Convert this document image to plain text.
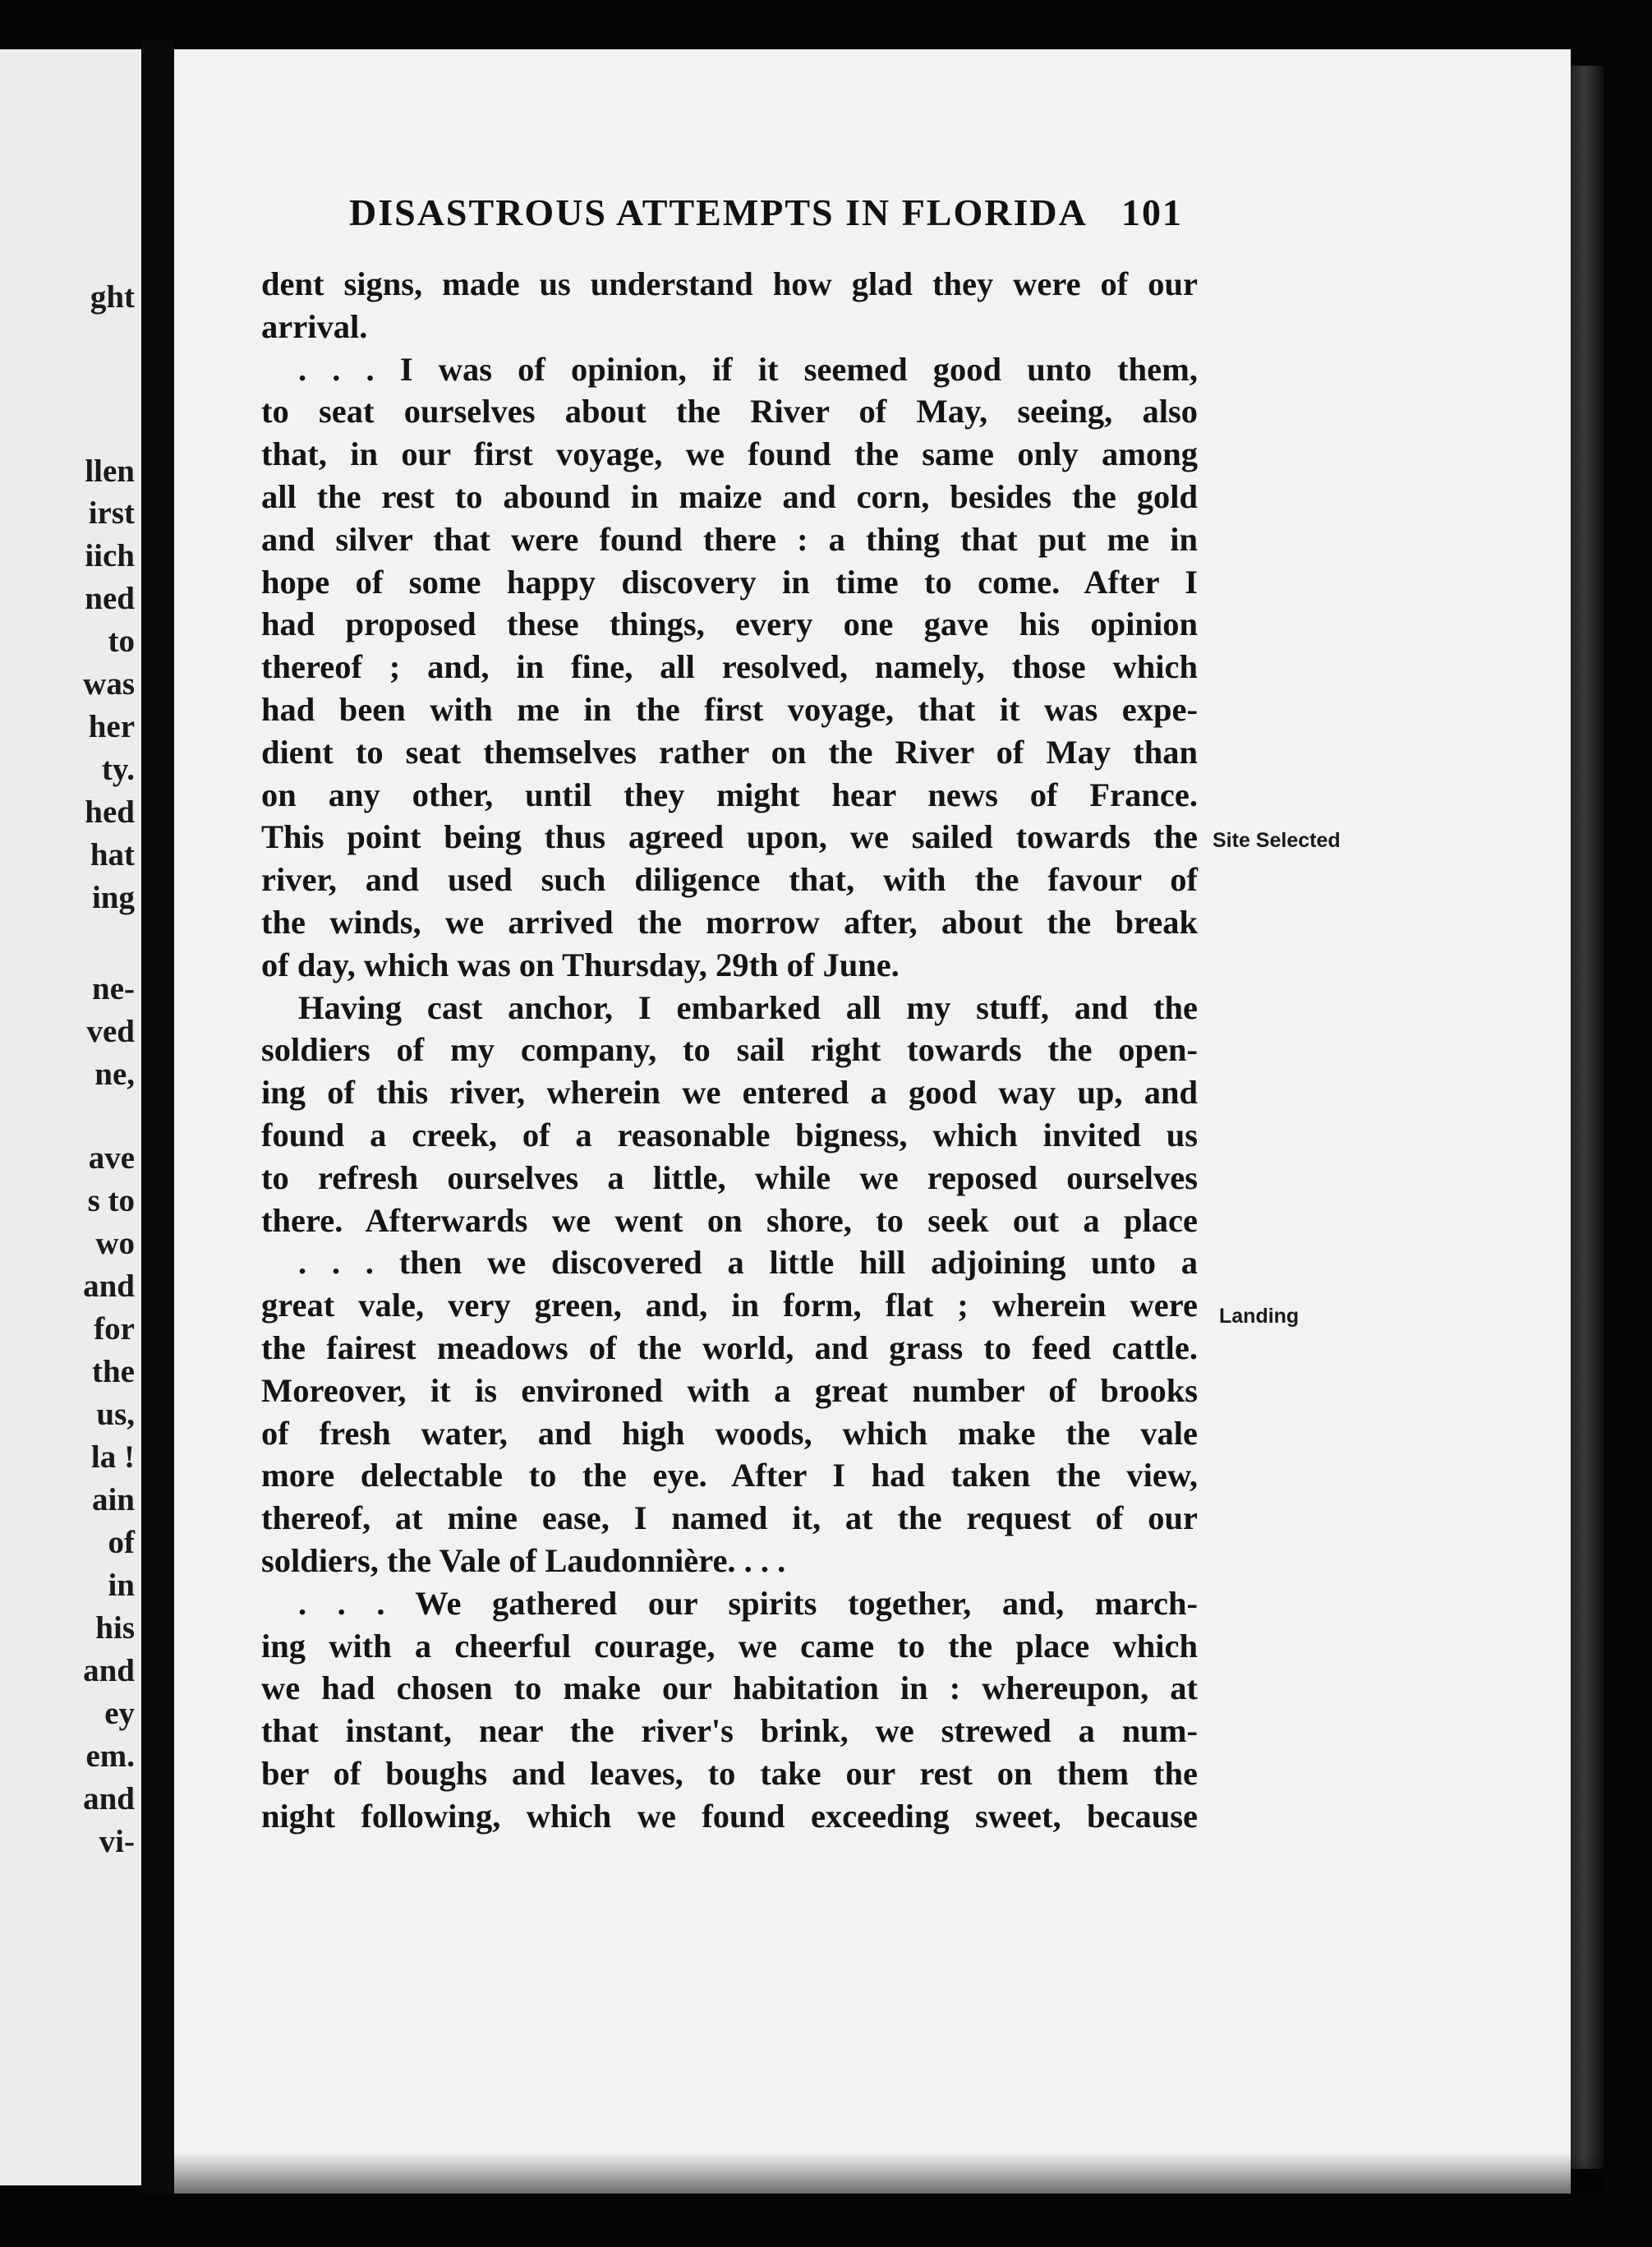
ght
llen
irst
iich
ned
to
was
her
ty.
hed
hat
ing
ne-
ved
ne,
ave
s to
wo
and
for
the
us,
la !
ain
of
in
his
and
ey
em.
and
vi-
DISASTROUS ATTEMPTS IN FLORIDA 101
dent signs, made us understand how glad they were of our
arrival.
. . . I was of opinion, if it seemed good unto them,
to seat ourselves about the River of May, seeing, also
that, in our first voyage, we found the same only among
all the rest to abound in maize and corn, besides the gold
and silver that were found there : a thing that put me in
hope of some happy discovery in time to come. After I
had proposed these things, every one gave his opinion
thereof ; and, in fine, all resolved, namely, those which
had been with me in the first voyage, that it was expe-
dient to seat themselves rather on the River of May than
on any other, until they might hear news of France.
This point being thus agreed upon, we sailed towards the
river, and used such diligence that, with the favour of
the winds, we arrived the morrow after, about the break
of day, which was on Thursday, 29th of June.
Having cast anchor, I embarked all my stuff, and the
soldiers of my company, to sail right towards the open-
ing of this river, wherein we entered a good way up, and
found a creek, of a reasonable bigness, which invited us
to refresh ourselves a little, while we reposed ourselves
there. Afterwards we went on shore, to seek out a place
. . . then we discovered a little hill adjoining unto a
great vale, very green, and, in form, flat ; wherein were
the fairest meadows of the world, and grass to feed cattle.
Moreover, it is environed with a great number of brooks
of fresh water, and high woods, which make the vale
more delectable to the eye. After I had taken the view,
thereof, at mine ease, I named it, at the request of our
soldiers, the Vale of Laudonnière. . . .
. . . We gathered our spirits together, and, march-
ing with a cheerful courage, we came to the place which
we had chosen to make our habitation in : whereupon, at
that instant, near the river's brink, we strewed a num-
ber of boughs and leaves, to take our rest on them the
night following, which we found exceeding sweet, because
Site Selected
Landing
